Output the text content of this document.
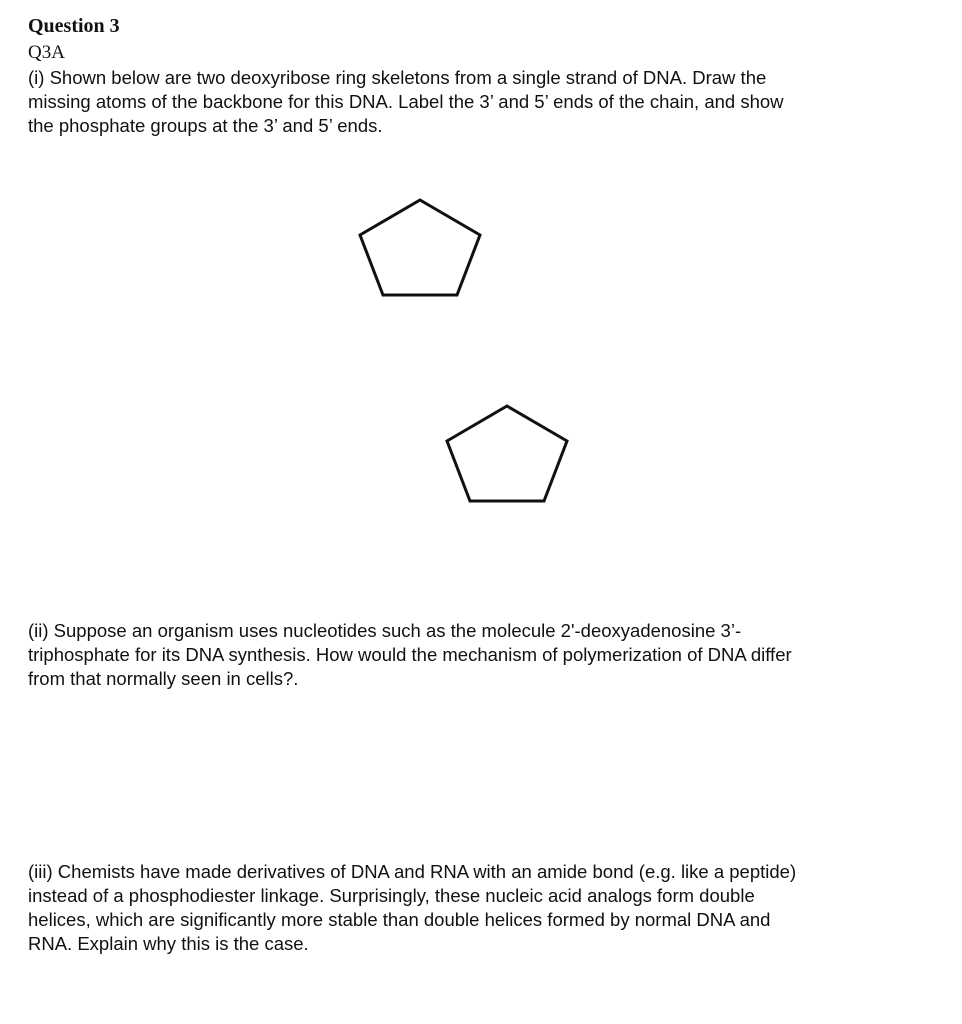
Question 3
Q3A

(i) Shown below are two deoxyribose ring skeletons from a single strand of DNA. Draw the
missing atoms of the backbone for this DNA. Label the 3’ and 5’ ends of the chain, and show
the phosphate groups at the 3’ and 5’ ends.

(ii) Suppose an organism uses nucleotides such as the molecule 2'-deoxyadenosine 3’-
triphosphate for its DNA synthesis. How would the mechanism of polymerization of DNA differ
from that normally seen in cells?.

(iii) Chemists have made derivatives of DNA and RNA with an amide bond (e.g. like a peptide)
instead of a phosphodiester linkage. Surprisingly, these nucleic acid analogs form double
helices, which are significantly more stable than double helices formed by normal DNA and
RNA. Explain why this is the case.
